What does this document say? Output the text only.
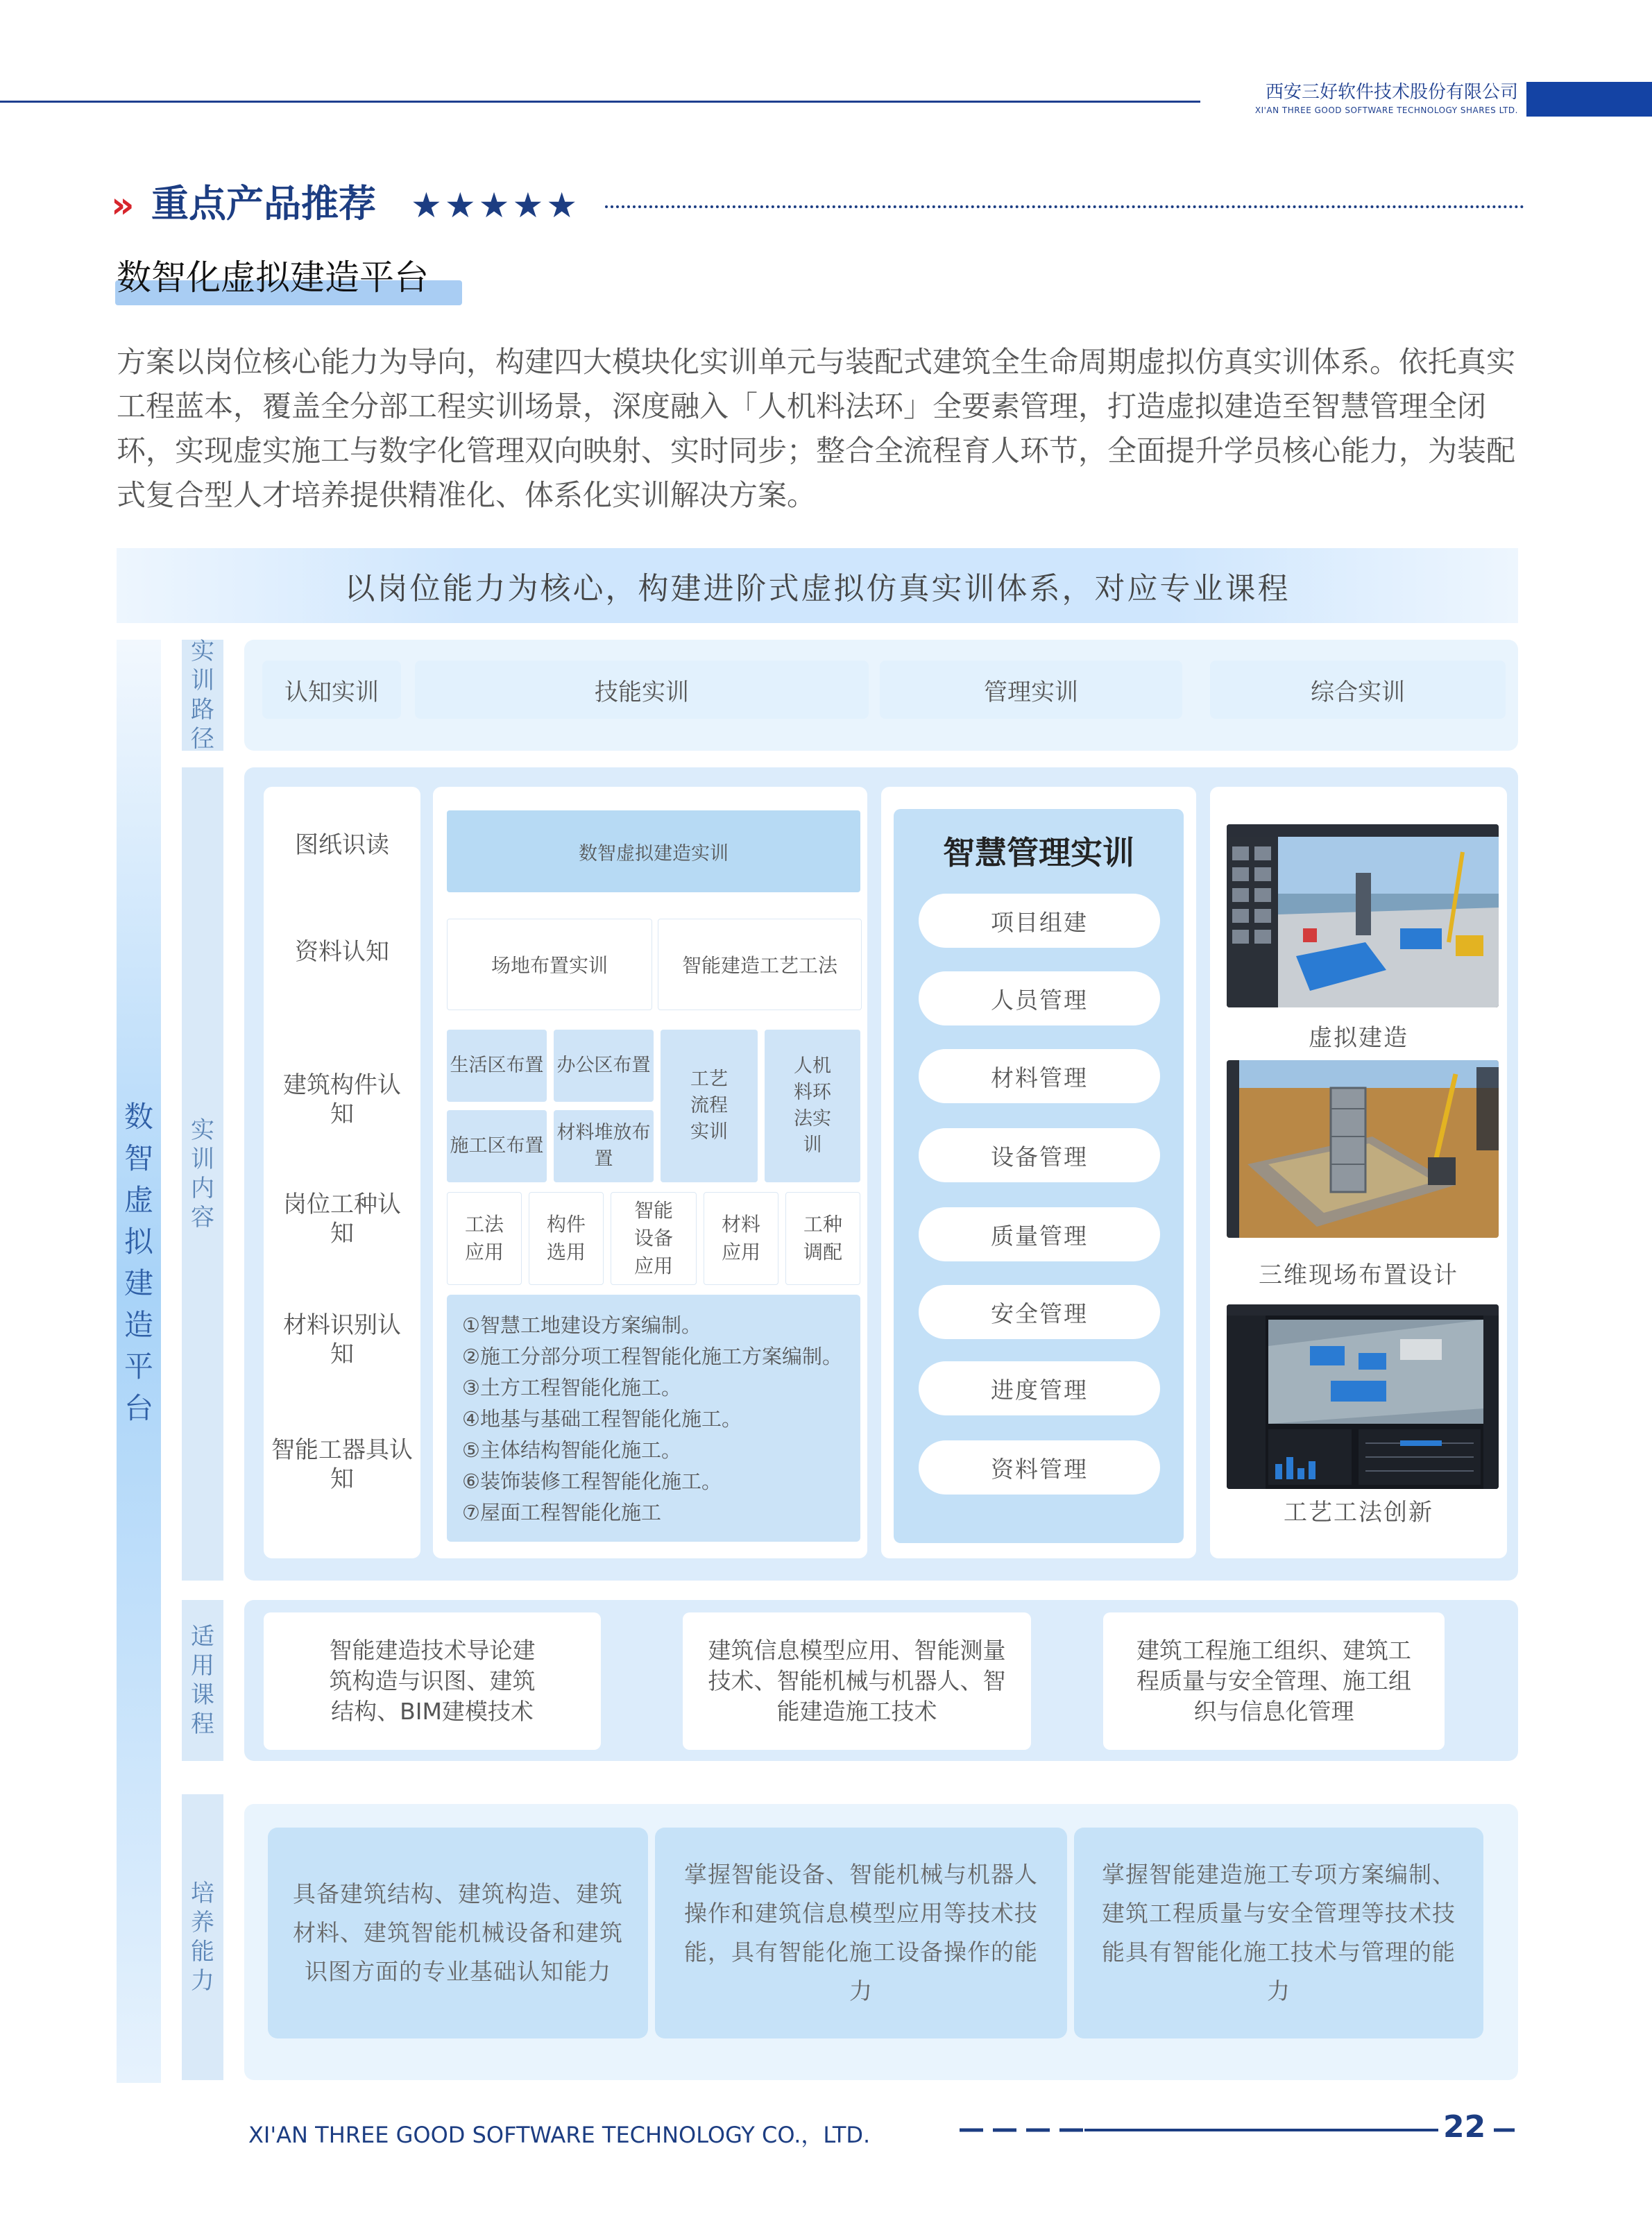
西安三好软件技术股份有限公司
XI'AN THREE GOOD SOFTWARE TECHNOLOGY SHARES LTD.
» 重点产品推荐 ★★★★★
数智化虚拟建造平台
方案以岗位核心能力为导向，构建四大模块化实训单元与装配式建筑全生命周期虚拟仿真实训体系。依托真实工程蓝本，覆盖全分部工程实训场景，深度融入「人机料法环」全要素管理，打造虚拟建造至智慧管理全闭环，实现虚实施工与数字化管理双向映射、实时同步；整合全流程育人环节，全面提升学员核心能力，为装配式复合型人才培养提供精准化、体系化实训解决方案。
以岗位能力为核心，构建进阶式虚拟仿真实训体系，对应专业课程
数智虚拟建造平台
实训路径
实训内容
适用课程
培养能力
认知实训	技能实训	管理实训	综合实训
图纸识读
资料认知
建筑构件认知
岗位工种认知
材料识别认知
智能工器具认知
数智虚拟建造实训
场地布置实训	智能建造工艺工法
生活区布置 办公区布置
施工区布置
材料堆放布置
工艺流程实训
人机料环法实训
工法应用
构件选用
智能设备应用
材料应用
工种调配
①智慧工地建设方案编制。
②施工分部分项工程智能化施工方案编制。
③土方工程智能化施工。
④地基与基础工程智能化施工。
⑤主体结构智能化施工。
⑥装饰装修工程智能化施工。
⑦屋面工程智能化施工
智慧管理实训
项目组建
人员管理
材料管理
设备管理
质量管理
安全管理
进度管理
资料管理
虚拟建造
三维现场布置设计
工艺工法创新
智能建造技术导论建筑构造与识图、建筑结构、BIM建模技术
建筑信息模型应用、智能测量技术、智能机械与机器人、智能建造施工技术
建筑工程施工组织、建筑工程质量与安全管理、施工组织与信息化管理
具备建筑结构、建筑构造、建筑材料、建筑智能机械设备和建筑识图方面的专业基础认知能力
掌握智能设备、智能机械与机器人操作和建筑信息模型应用等技术技能，具有智能化施工设备操作的能力
掌握智能建造施工专项方案编制、建筑工程质量与安全管理等技术技能具有智能化施工技术与管理的能力
XI'AN THREE GOOD SOFTWARE TECHNOLOGY CO.，LTD.	22
